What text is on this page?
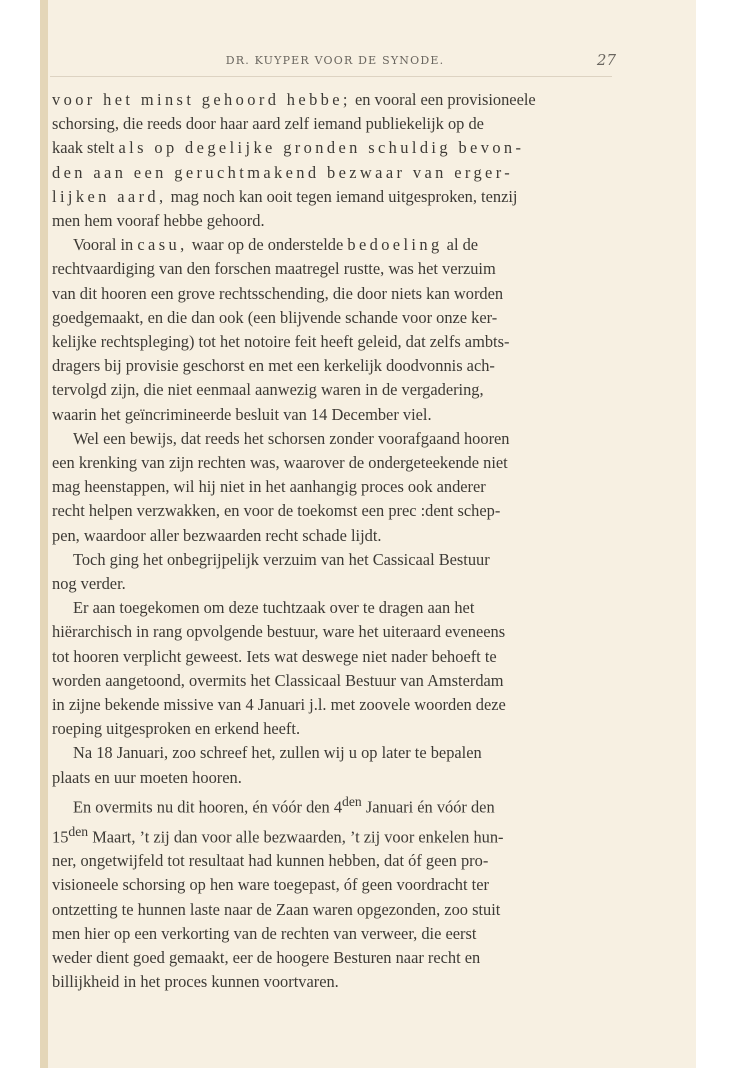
DR. KUYPER VOOR DE SYNODE.	27

voor het minst gehoord hebbe; en vooral een provisioneele
schorsing, die reeds door haar aard zelf iemand publiekelijk op de
kaak stelt als op degelijke gronden schuldig bevon-
den aan een geruchtmakend bezwaar van erger-
lijken aard, mag noch kan ooit tegen iemand uitgesproken, tenzij
men hem vooraf hebbe gehoord.

Vooral in casu, waar op de onderstelde bedoeling al de
rechtvaardiging van den forschen maatregel rustte, was het verzuim
van dit hooren een grove rechtsschending, die door niets kan worden
goedgemaakt, en die dan ook (een blijvende schande voor onze ker-
kelijke rechtspleging) tot het notoire feit heeft geleid, dat zelfs ambts-
dragers bij provisie geschorst en met een kerkelijk doodvonnis ach-
tervolgd zijn, die niet eenmaal aanwezig waren in de vergadering,
waarin het geïncrimineerde besluit van 14 December viel.

Wel een bewijs, dat reeds het schorsen zonder voorafgaand hooren
een krenking van zijn rechten was, waarover de ondergeteekende niet
mag heenstappen, wil hij niet in het aanhangig proces ook anderer
recht helpen verzwakken, en voor de toekomst een prec :dent schep-
pen, waardoor aller bezwaarden recht schade lijdt.

Toch ging het onbegrijpelijk verzuim van het Cassicaal Bestuur
nog verder.

Er aan toegekomen om deze tuchtzaak over te dragen aan het
hiërarchisch in rang opvolgende bestuur, ware het uiteraard eveneens
tot hooren verplicht geweest. Iets wat deswege niet nader behoeft te
worden aangetoond, overmits het Classicaal Bestuur van Amsterdam
in zijne bekende missive van 4 Januari j.l. met zoovele woorden deze
roeping uitgesproken en erkend heeft.

Na 18 Januari, zoo schreef het, zullen wij u op later te bepalen
plaats en uur moeten hooren.

En overmits nu dit hooren, én vóór den $4^{den}$ Januari én vóór den
$15^{den}$ Maart, ’t zij dan voor alle bezwaarden, ’t zij voor enkelen hun-
ner, ongetwijfeld tot resultaat had kunnen hebben, dat óf geen pro-
visioneele schorsing op hen ware toegepast, óf geen voordracht ter
ontzetting te hunnen laste naar de Zaan waren opgezonden, zoo stuit
men hier op een verkorting van de rechten van verweer, die eerst
weder dient goed gemaakt, eer de hoogere Besturen naar recht en
billijkheid in het proces kunnen voortvaren.
